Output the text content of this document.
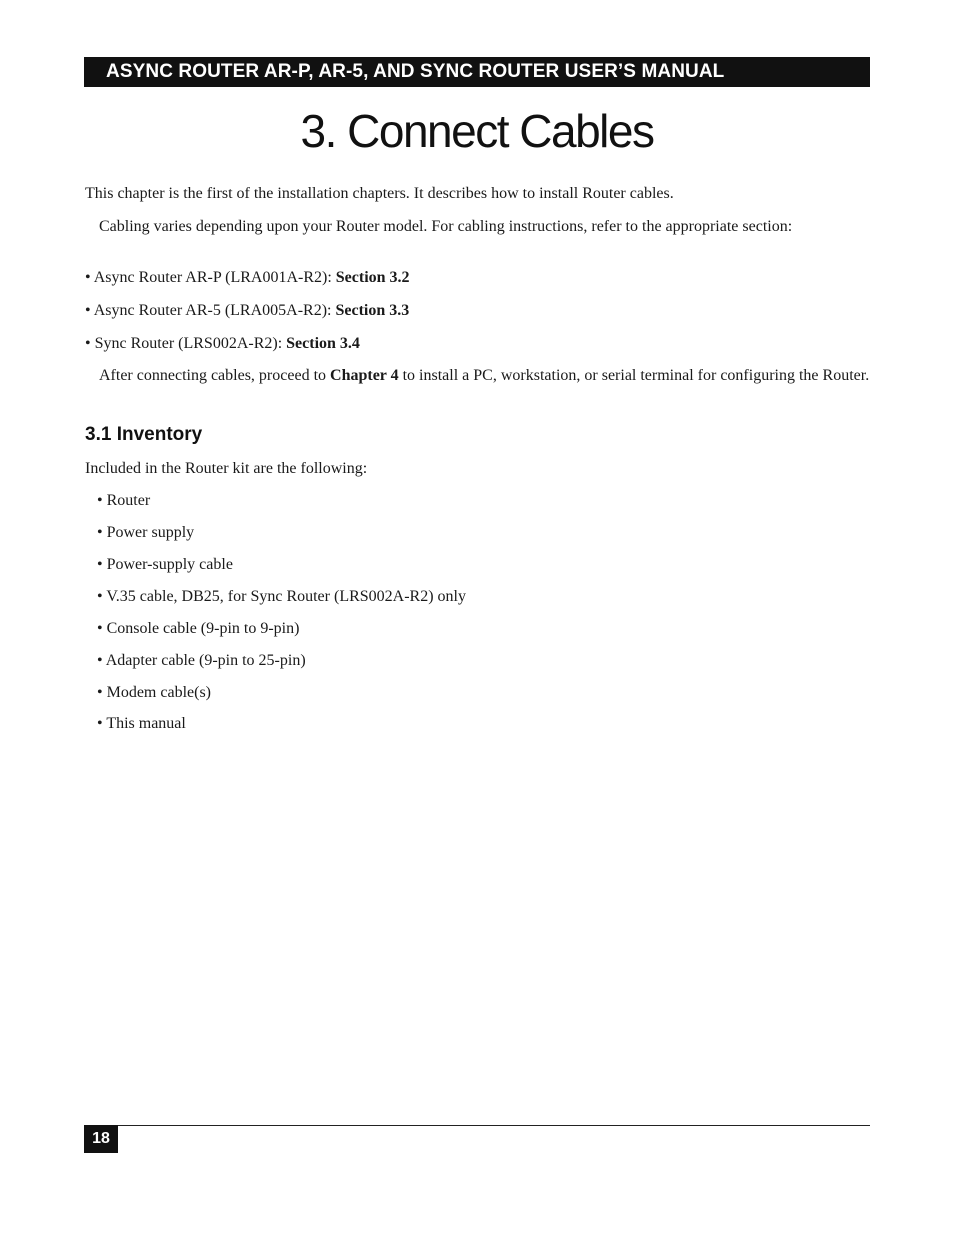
ASYNC ROUTER AR-P, AR-5, AND SYNC ROUTER USER’S MANUAL
3. Connect Cables

This chapter is the first of the installation chapters. It describes how to install Router cables.

Cabling varies depending upon your Router model. For cabling instructions, refer to the appropriate section:

• Async Router AR-P (LRA001A-R2): Section 3.2

• Async Router AR-5 (LRA005A-R2): Section 3.3

• Sync Router (LRS002A-R2): Section 3.4

After connecting cables, proceed to Chapter 4 to install a PC, workstation, or serial terminal for configuring the Router.

3.1 Inventory

Included in the Router kit are the following:

• Router

• Power supply

• Power-supply cable

• V.35 cable, DB25, for Sync Router (LRS002A-R2) only

• Console cable (9-pin to 9-pin)

• Adapter cable (9-pin to 25-pin)

• Modem cable(s)

• This manual

18
